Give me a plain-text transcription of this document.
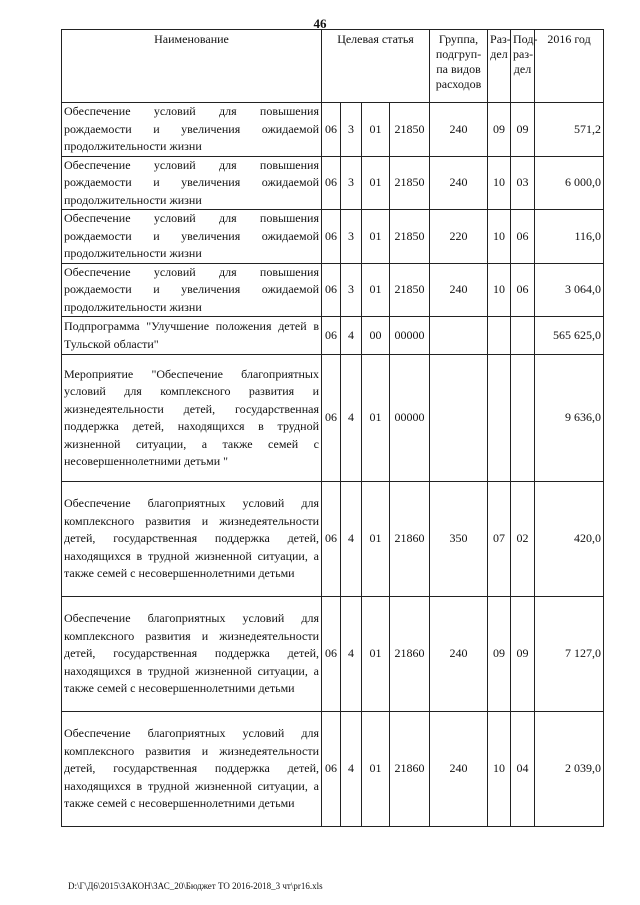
46
Наименование	Целевая статья				Группа, подгруп-па видов расходов	Раз-дел	Под-раз-дел	2016 год
Обеспечение условий для повышения рождаемости и увеличения ожидаемой продолжительности жизни	06	3	01	21850	240	09	09	571,2
Обеспечение условий для повышения рождаемости и увеличения ожидаемой продолжительности жизни	06	3	01	21850	240	10	03	6 000,0
Обеспечение условий для повышения рождаемости и увеличения ожидаемой продолжительности жизни	06	3	01	21850	220	10	06	116,0
Обеспечение условий для повышения рождаемости и увеличения ожидаемой продолжительности жизни	06	3	01	21850	240	10	06	3 064,0
Подпрограмма "Улучшение положения детей в Тульской области"	06	4	00	00000				565 625,0
Мероприятие "Обеспечение благоприятных условий для комплексного развития и жизнедеятельности детей, государственная поддержка детей, находящихся в трудной жизненной ситуации, а также семей с несовершеннолетними детьми "	06	4	01	00000				9 636,0
Обеспечение благоприятных условий для комплексного развития и жизнедеятельности детей, государственная поддержка детей, находящихся в трудной жизненной ситуации, а также семей с несовершеннолетними детьми	06	4	01	21860	350	07	02	420,0
Обеспечение благоприятных условий для комплексного развития и жизнедеятельности детей, государственная поддержка детей, находящихся в трудной жизненной ситуации, а также семей с несовершеннолетними детьми	06	4	01	21860	240	09	09	7 127,0
Обеспечение благоприятных условий для комплексного развития и жизнедеятельности детей, государственная поддержка детей, находящихся в трудной жизненной ситуации, а также семей с несовершеннолетними детьми	06	4	01	21860	240	10	04	2 039,0
D:\Г\Д6\2015\ЗАКОН\ЗАС_20\Бюджет ТО 2016-2018_3 чт\pr16.xls
